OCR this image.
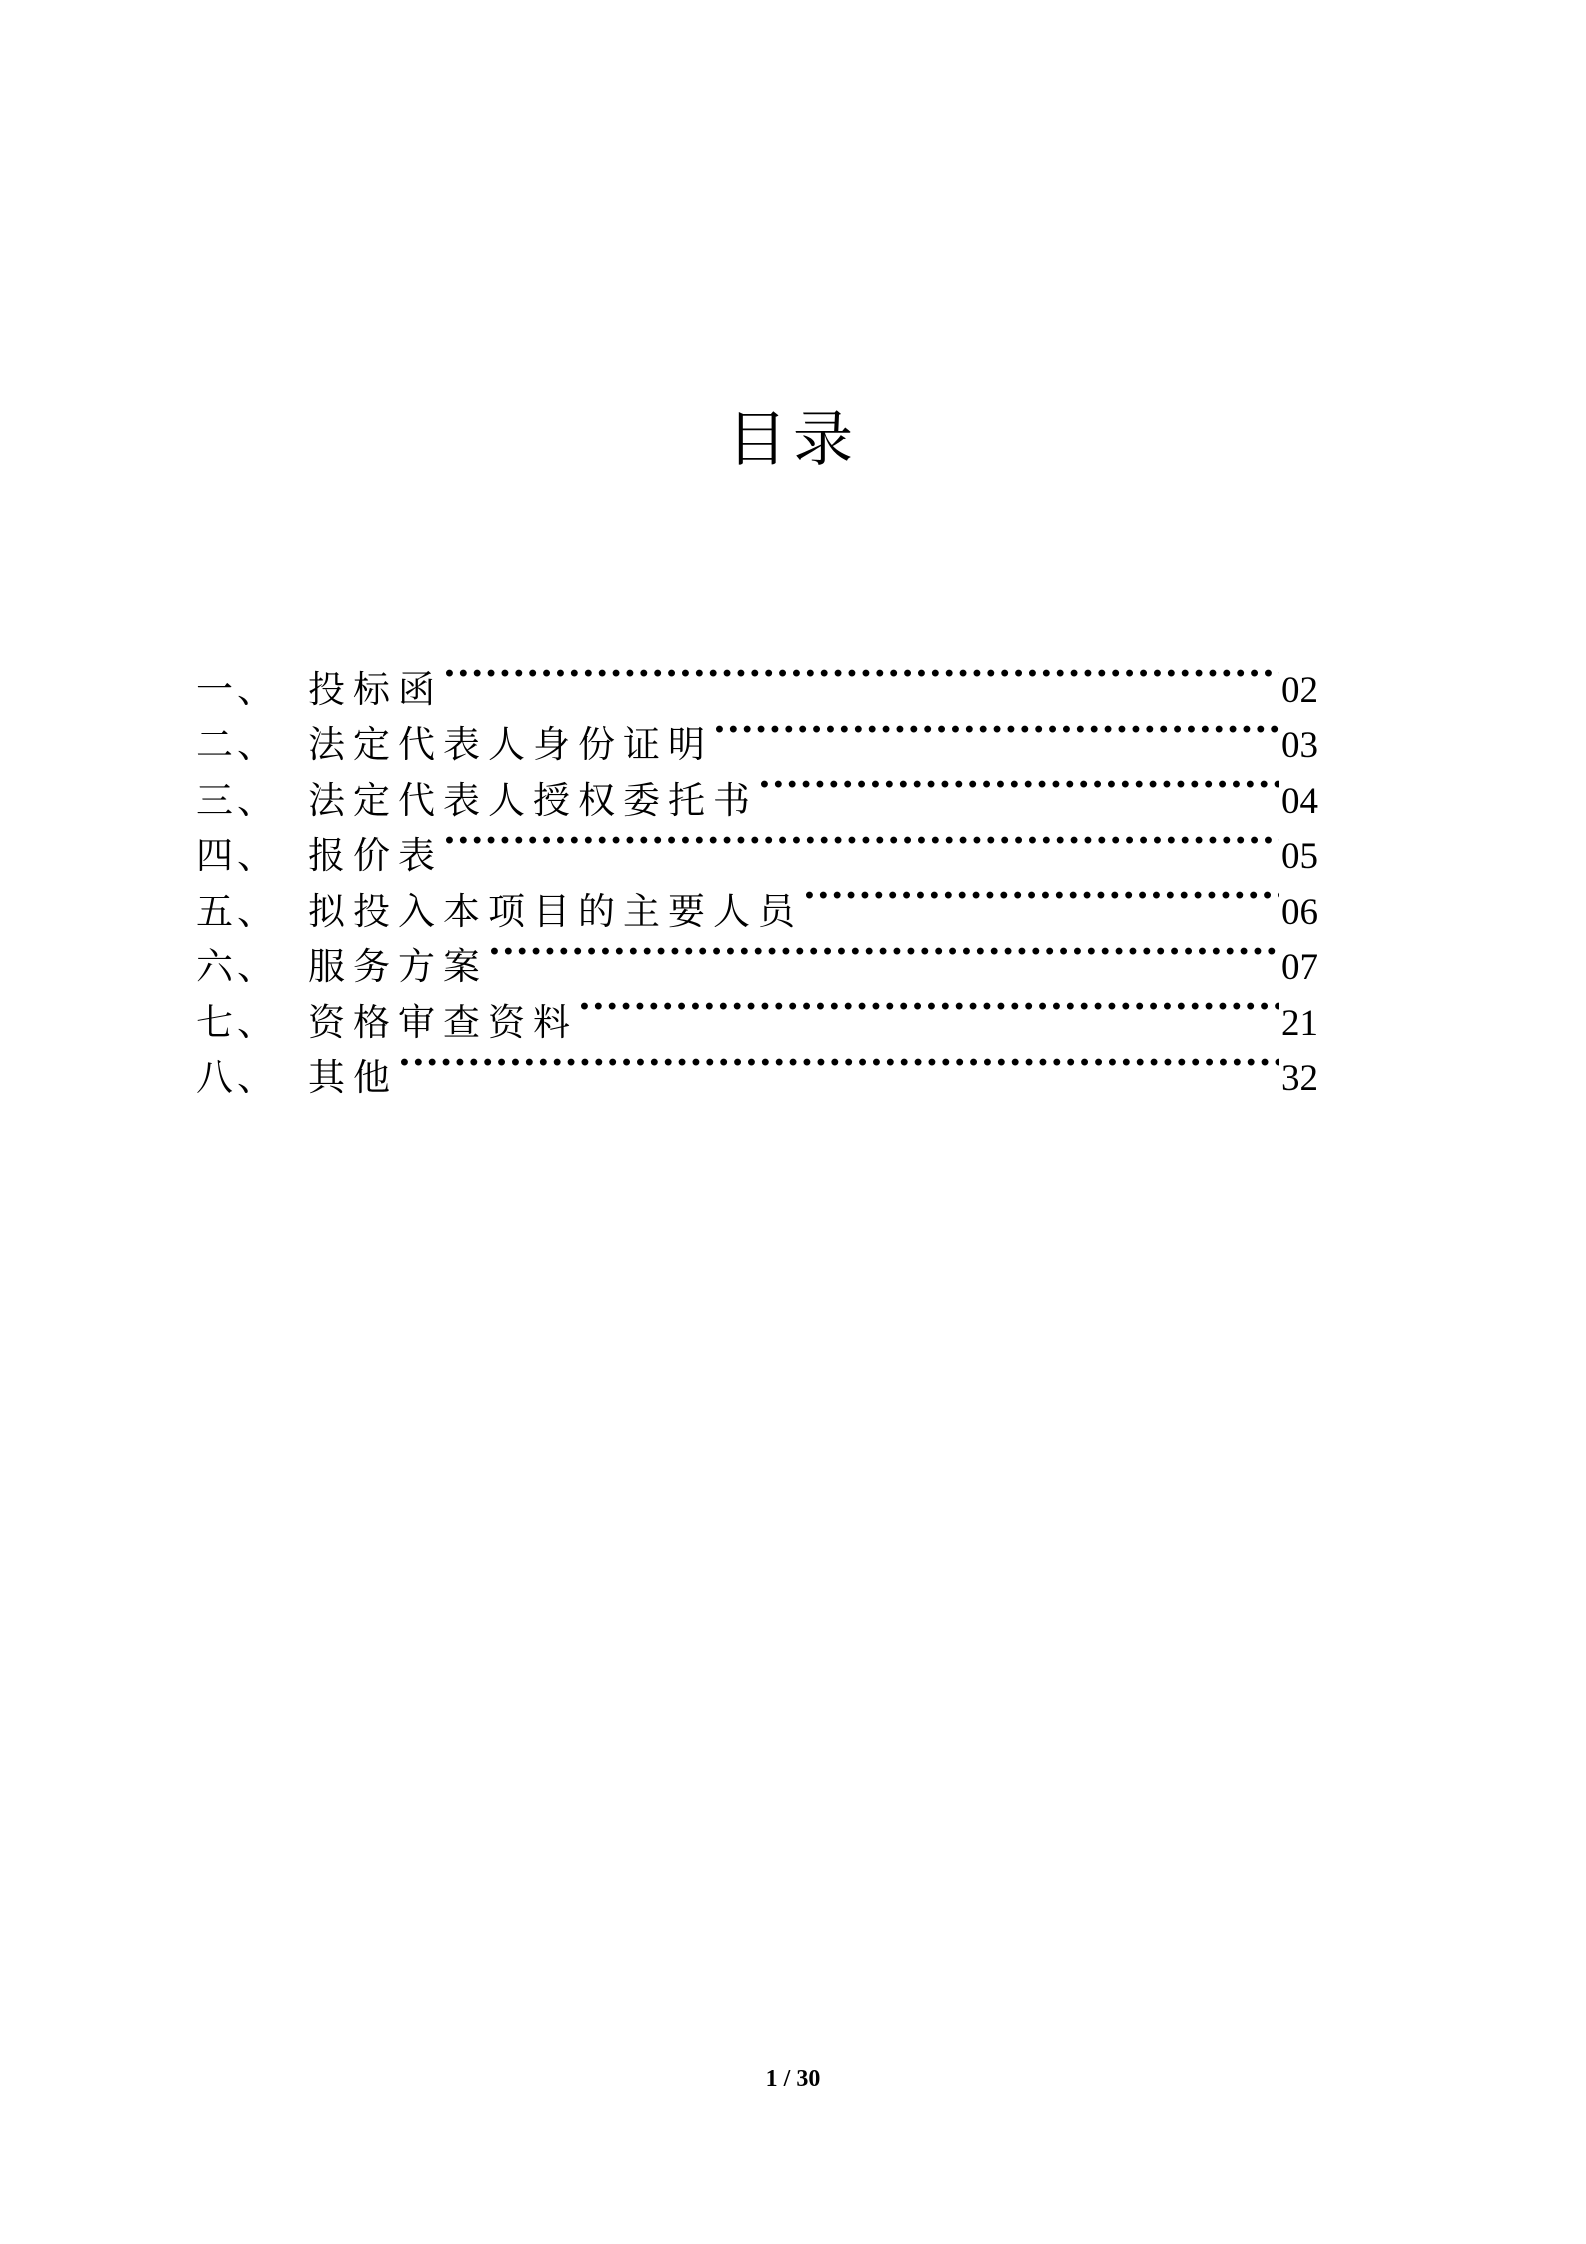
目录
一、 投标函 ·····	02
二、 法定代表人身份证明 ·····	03
三、 法定代表人授权委托书 ·····	04
四、 报价表 ·····	05
五、 拟投入本项目的主要人员 ·····	06
六、 服务方案 ·····	07
七、 资格审查资料 ·····	21
八、 其他 ·····	32
1 / 30
